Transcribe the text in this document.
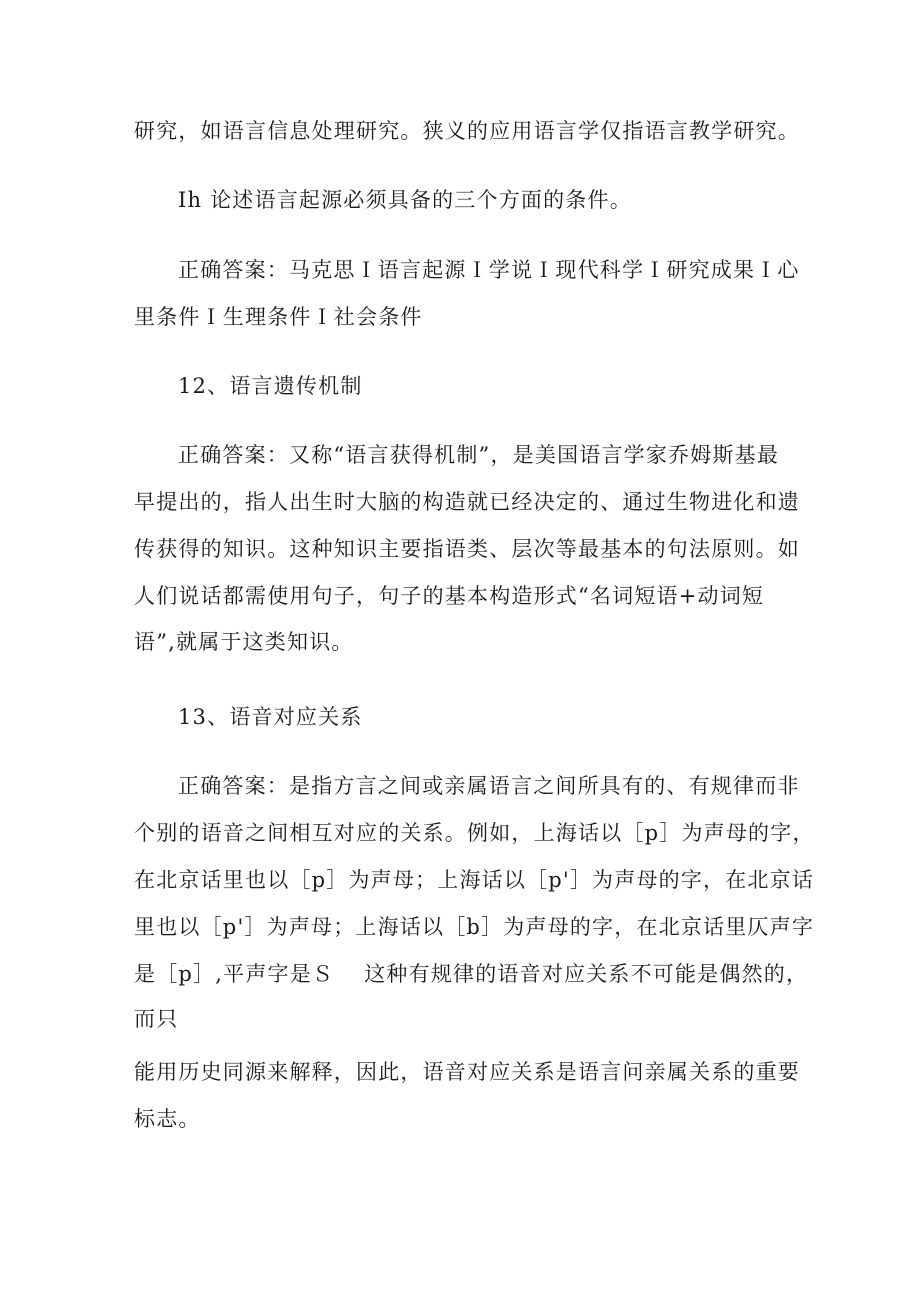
研究，如语言信息处理研究。狭义的应用语言学仅指语言教学研究。
Ih 论述语言起源必须具备的三个方面的条件。
正确答案：马克思Ｉ语言起源Ｉ学说Ｉ现代科学Ｉ研究成果Ｉ心
里条件Ｉ生理条件Ｉ社会条件
12、语言遗传机制
正确答案：又称“语言获得机制”，是美国语言学家乔姆斯基最
早提出的，指人出生时大脑的构造就已经决定的、通过生物进化和遗
传获得的知识。这种知识主要指语类、层次等最基本的句法原则。如
人们说话都需使用句子，句子的基本构造形式“名词短语+动词短
语”,就属于这类知识。
13、语音对应关系
正确答案：是指方言之间或亲属语言之间所具有的、有规律而非
个别的语音之间相互对应的关系。例如，上海话以［p］为声母的字，
在北京话里也以［p］为声母；上海话以［p'］为声母的字，在北京话
里也以［p'］为声母；上海话以［b］为声母的字，在北京话里仄声字
是［p］,平声字是Ｓ　 这种有规律的语音对应关系不可能是偶然的，
而只
能用历史同源来解释，因此，语音对应关系是语言问亲属关系的重要
标志。
